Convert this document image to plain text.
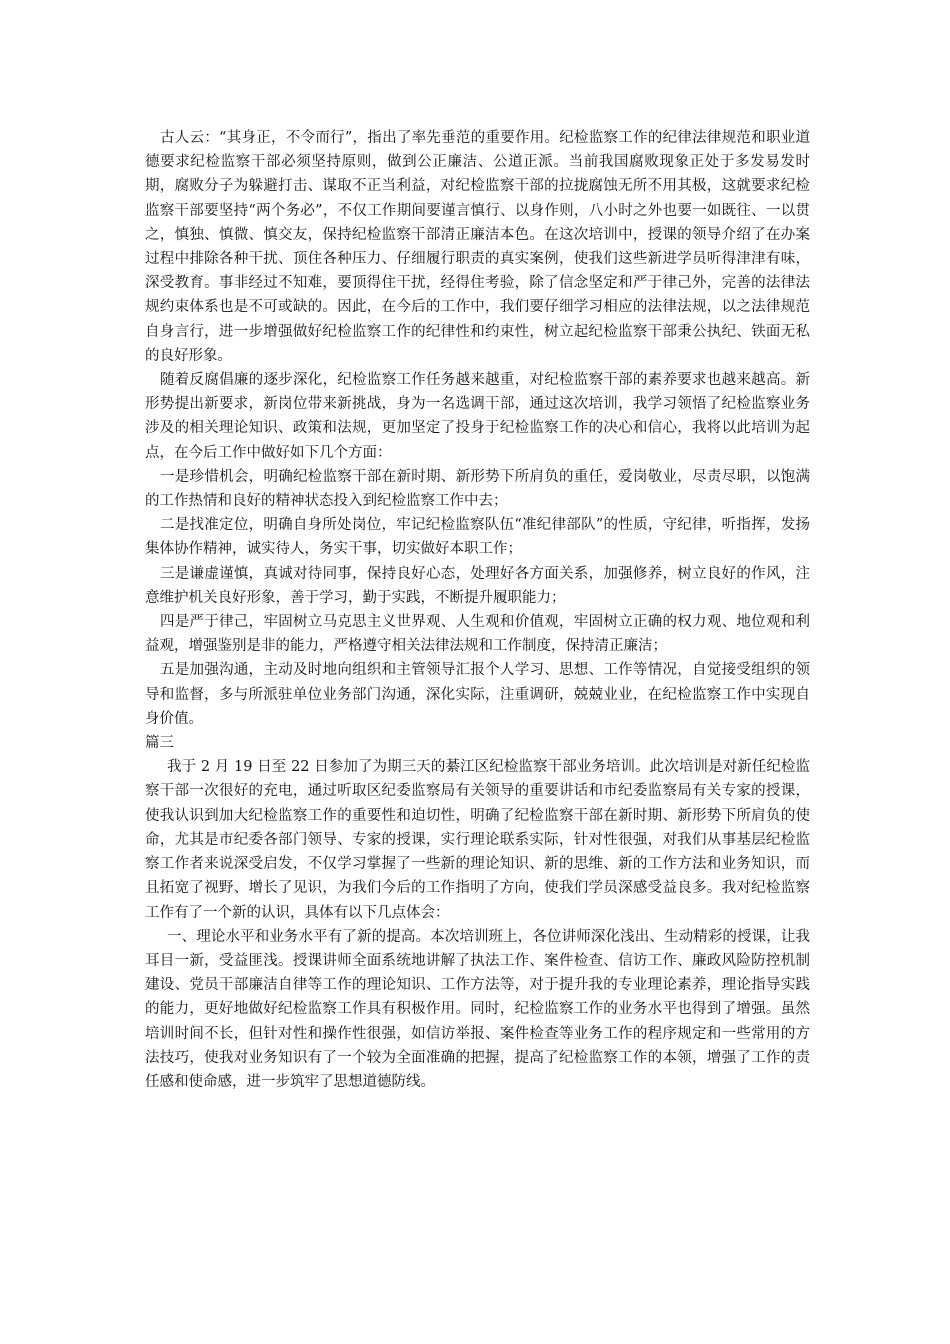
古人云：“其身正，不令而行”，指出了率先垂范的重要作用。纪检监察工作的纪律法律规范和职业道德要求纪检监察干部必须坚持原则，做到公正廉洁、公道正派。当前我国腐败现象正处于多发易发时期，腐败分子为躲避打击、谋取不正当利益，对纪检监察干部的拉拢腐蚀无所不用其极，这就要求纪检监察干部要坚持“两个务必”，不仅工作期间要谨言慎行、以身作则，八小时之外也要一如既往、一以贯之，慎独、慎微、慎交友，保持纪检监察干部清正廉洁本色。在这次培训中，授课的领导介绍了在办案过程中排除各种干扰、顶住各种压力、仔细履行职责的真实案例，使我们这些新进学员听得津津有味，深受教育。事非经过不知难，要顶得住干扰，经得住考验，除了信念坚定和严于律己外，完善的法律法规约束体系也是不可或缺的。因此，在今后的工作中，我们要仔细学习相应的法律法规，以之法律规范自身言行，进一步增强做好纪检监察工作的纪律性和约束性，树立起纪检监察干部秉公执纪、铁面无私的良好形象。

随着反腐倡廉的逐步深化，纪检监察工作任务越来越重，对纪检监察干部的素养要求也越来越高。新形势提出新要求，新岗位带来新挑战，身为一名选调干部，通过这次培训，我学习领悟了纪检监察业务涉及的相关理论知识、政策和法规，更加坚定了投身于纪检监察工作的决心和信心，我将以此培训为起点，在今后工作中做好如下几个方面：

一是珍惜机会，明确纪检监察干部在新时期、新形势下所肩负的重任，爱岗敬业，尽责尽职，以饱满的工作热情和良好的精神状态投入到纪检监察工作中去；

二是找准定位，明确自身所处岗位，牢记纪检监察队伍“准纪律部队”的性质，守纪律，听指挥，发扬集体协作精神，诚实待人，务实干事，切实做好本职工作；

三是谦虚谨慎，真诚对待同事，保持良好心态，处理好各方面关系，加强修养，树立良好的作风，注意维护机关良好形象，善于学习，勤于实践，不断提升履职能力；

四是严于律己，牢固树立马克思主义世界观、人生观和价值观，牢固树立正确的权力观、地位观和利益观，增强鉴别是非的能力，严格遵守相关法律法规和工作制度，保持清正廉洁；

五是加强沟通，主动及时地向组织和主管领导汇报个人学习、思想、工作等情况，自觉接受组织的领导和监督，多与所派驻单位业务部门沟通，深化实际，注重调研，兢兢业业，在纪检监察工作中实现自身价值。

篇三

我于 2 月 19 日至 22 日参加了为期三天的綦江区纪检监察干部业务培训。此次培训是对新任纪检监察干部一次很好的充电，通过听取区纪委监察局有关领导的重要讲话和市纪委监察局有关专家的授课，使我认识到加大纪检监察工作的重要性和迫切性，明确了纪检监察干部在新时期、新形势下所肩负的使命，尤其是市纪委各部门领导、专家的授课，实行理论联系实际，针对性很强，对我们从事基层纪检监察工作者来说深受启发，不仅学习掌握了一些新的理论知识、新的思维、新的工作方法和业务知识，而且拓宽了视野、增长了见识，为我们今后的工作指明了方向，使我们学员深感受益良多。我对纪检监察工作有了一个新的认识，具体有以下几点体会：

一、理论水平和业务水平有了新的提高。本次培训班上，各位讲师深化浅出、生动精彩的授课，让我耳目一新，受益匪浅。授课讲师全面系统地讲解了执法工作、案件检查、信访工作、廉政风险防控机制建设、党员干部廉洁自律等工作的理论知识、工作方法等，对于提升我的专业理论素养，理论指导实践的能力，更好地做好纪检监察工作具有积极作用。同时，纪检监察工作的业务水平也得到了增强。虽然培训时间不长，但针对性和操作性很强，如信访举报、案件检查等业务工作的程序规定和一些常用的方法技巧，使我对业务知识有了一个较为全面准确的把握，提高了纪检监察工作的本领，增强了工作的责任感和使命感，进一步筑牢了思想道德防线。
